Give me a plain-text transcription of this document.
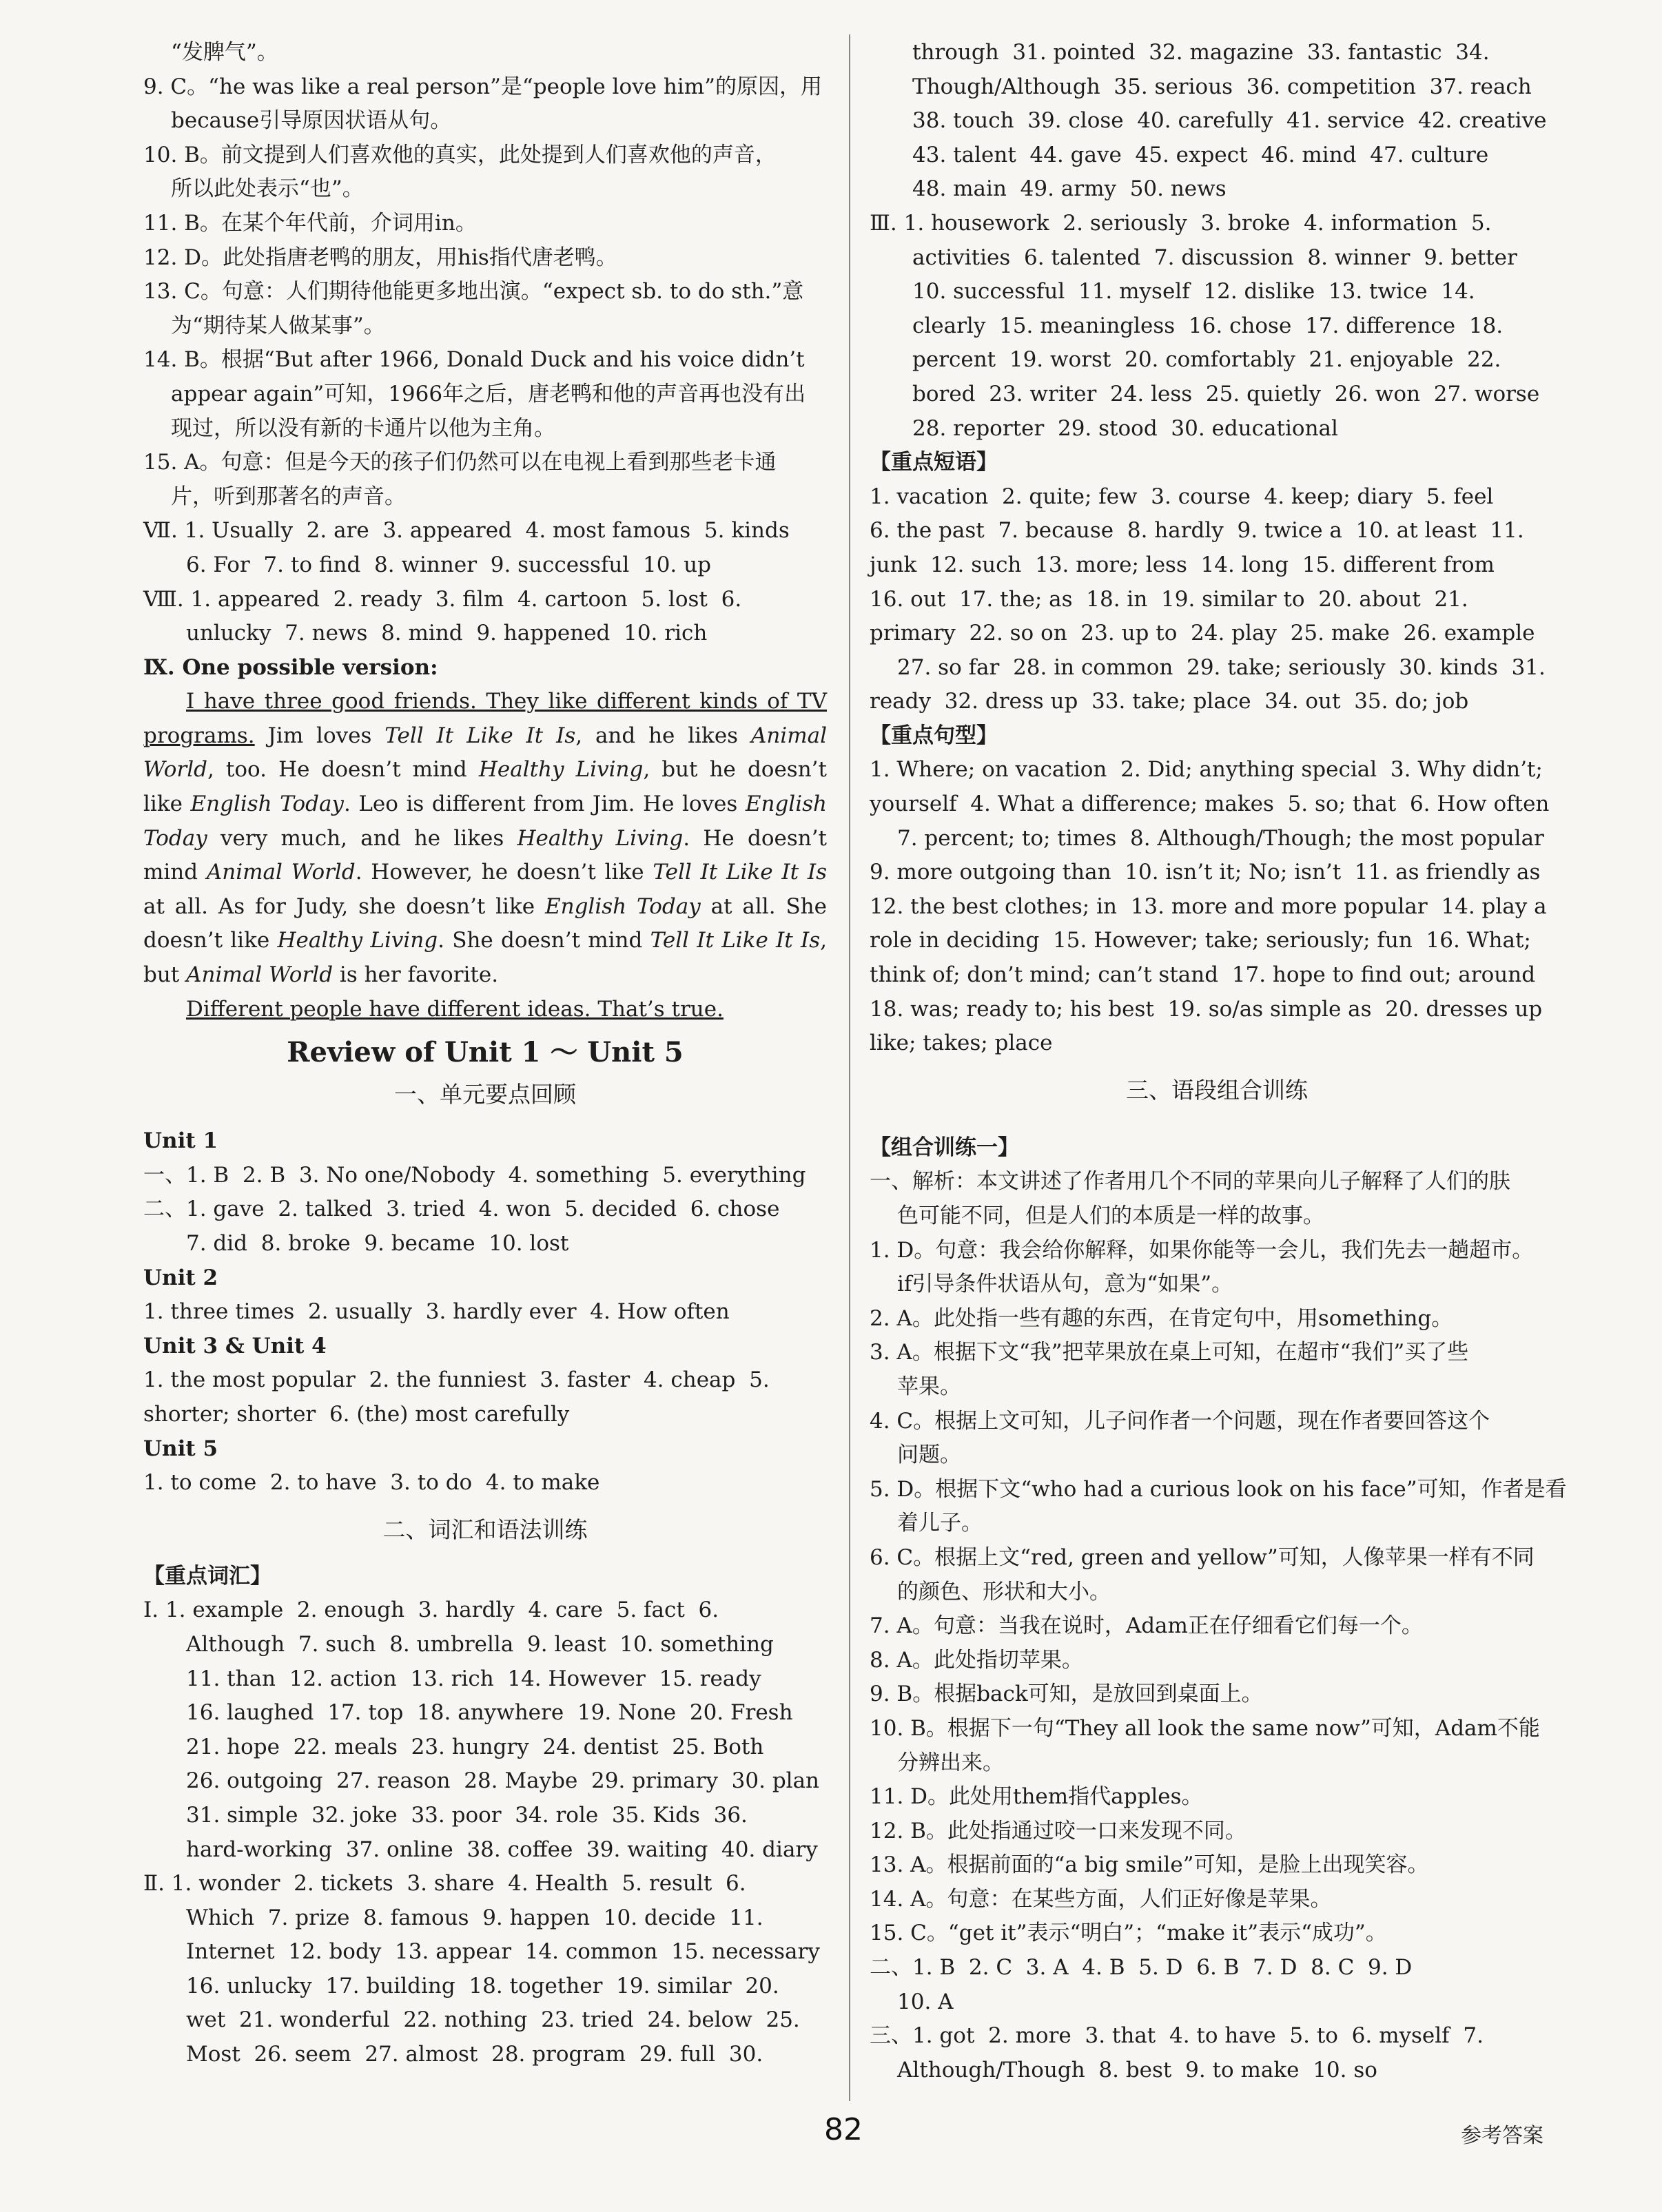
“发脾气”。
9. C。“he was like a real person”是“people love him”的原因，用
because引导原因状语从句。
10. B。前文提到人们喜欢他的真实，此处提到人们喜欢他的声音，
所以此处表示“也”。
11. B。在某个年代前，介词用in。
12. D。此处指唐老鸭的朋友，用his指代唐老鸭。
13. C。句意：人们期待他能更多地出演。“expect sb. to do sth.”意
为“期待某人做某事”。
14. B。根据“But after 1966, Donald Duck and his voice didn’t
appear again”可知，1966年之后，唐老鸭和他的声音再也没有出
现过，所以没有新的卡通片以他为主角。
15. A。句意：但是今天的孩子们仍然可以在电视上看到那些老卡通
片，听到那著名的声音。
Ⅶ. 1. Usually  2. are  3. appeared  4. most famous  5. kinds
6. For  7. to find  8. winner  9. successful  10. up
Ⅷ. 1. appeared  2. ready  3. film  4. cartoon  5. lost  6.
unlucky  7. news  8. mind  9. happened  10. rich
Ⅸ. One possible version:

I have three good friends. They like different kinds of TV programs. Jim loves Tell It Like It Is, and he likes Animal World, too. He doesn’t mind Healthy Living, but he doesn’t like English Today. Leo is different from Jim. He loves English Today very much, and he likes Healthy Living. He doesn’t mind Animal World. However, he doesn’t like Tell It Like It Is at all. As for Judy, she doesn’t like English Today at all. She doesn’t like Healthy Living. She doesn’t mind Tell It Like It Is, but Animal World is her favorite.

Different people have different ideas. That’s true.

Review of Unit 1 ～ Unit 5
一、单元要点回顾
Unit 1
一、1. B  2. B  3. No one/Nobody  4. something  5. everything
二、1. gave  2. talked  3. tried  4. won  5. decided  6. chose
7. did  8. broke  9. became  10. lost
Unit 2
1. three times  2. usually  3. hardly ever  4. How often
Unit 3 & Unit 4
1. the most popular  2. the funniest  3. faster  4. cheap  5.
shorter; shorter  6. (the) most carefully
Unit 5
1. to come  2. to have  3. to do  4. to make
二、词汇和语法训练
【重点词汇】
Ⅰ. 1. example  2. enough  3. hardly  4. care  5. fact  6.
Although  7. such  8. umbrella  9. least  10. something
11. than  12. action  13. rich  14. However  15. ready
16. laughed  17. top  18. anywhere  19. None  20. Fresh
21. hope  22. meals  23. hungry  24. dentist  25. Both
26. outgoing  27. reason  28. Maybe  29. primary  30. plan
31. simple  32. joke  33. poor  34. role  35. Kids  36.
hard-working  37. online  38. coffee  39. waiting  40. diary
Ⅱ. 1. wonder  2. tickets  3. share  4. Health  5. result  6.
Which  7. prize  8. famous  9. happen  10. decide  11.
Internet  12. body  13. appear  14. common  15. necessary
16. unlucky  17. building  18. together  19. similar  20.
wet  21. wonderful  22. nothing  23. tried  24. below  25.
Most  26. seem  27. almost  28. program  29. full  30.
through  31. pointed  32. magazine  33. fantastic  34.
Though/Although  35. serious  36. competition  37. reach
38. touch  39. close  40. carefully  41. service  42. creative
43. talent  44. gave  45. expect  46. mind  47. culture
48. main  49. army  50. news
Ⅲ. 1. housework  2. seriously  3. broke  4. information  5.
activities  6. talented  7. discussion  8. winner  9. better
10. successful  11. myself  12. dislike  13. twice  14.
clearly  15. meaningless  16. chose  17. difference  18.
percent  19. worst  20. comfortably  21. enjoyable  22.
bored  23. writer  24. less  25. quietly  26. won  27. worse
28. reporter  29. stood  30. educational
【重点短语】
1. vacation  2. quite; few  3. course  4. keep; diary  5. feel
6. the past  7. because  8. hardly  9. twice a  10. at least  11.
junk  12. such  13. more; less  14. long  15. different from
16. out  17. the; as  18. in  19. similar to  20. about  21.
primary  22. so on  23. up to  24. play  25. make  26. example
27. so far  28. in common  29. take; seriously  30. kinds  31.
ready  32. dress up  33. take; place  34. out  35. do; job
【重点句型】
1. Where; on vacation  2. Did; anything special  3. Why didn’t;
yourself  4. What a difference; makes  5. so; that  6. How often
7. percent; to; times  8. Although/Though; the most popular
9. more outgoing than  10. isn’t it; No; isn’t  11. as friendly as
12. the best clothes; in  13. more and more popular  14. play a
role in deciding  15. However; take; seriously; fun  16. What;
think of; don’t mind; can’t stand  17. hope to find out; around
18. was; ready to; his best  19. so/as simple as  20. dresses up
like; takes; place
三、语段组合训练
【组合训练一】
一、解析：本文讲述了作者用几个不同的苹果向儿子解释了人们的肤
色可能不同，但是人们的本质是一样的故事。
1. D。句意：我会给你解释，如果你能等一会儿，我们先去一趟超市。
if引导条件状语从句，意为“如果”。
2. A。此处指一些有趣的东西，在肯定句中，用something。
3. A。根据下文“我”把苹果放在桌上可知，在超市“我们”买了些
苹果。
4. C。根据上文可知，儿子问作者一个问题，现在作者要回答这个
问题。
5. D。根据下文“who had a curious look on his face”可知，作者是看
着儿子。
6. C。根据上文“red, green and yellow”可知，人像苹果一样有不同
的颜色、形状和大小。
7. A。句意：当我在说时，Adam正在仔细看它们每一个。
8. A。此处指切苹果。
9. B。根据back可知，是放回到桌面上。
10. B。根据下一句“They all look the same now”可知，Adam不能
分辨出来。
11. D。此处用them指代apples。
12. B。此处指通过咬一口来发现不同。
13. A。根据前面的“a big smile”可知，是脸上出现笑容。
14. A。句意：在某些方面，人们正好像是苹果。
15. C。“get it”表示“明白”；“make it”表示“成功”。
二、1. B  2. C  3. A  4. B  5. D  6. B  7. D  8. C  9. D
10. A
三、1. got  2. more  3. that  4. to have  5. to  6. myself  7.
Although/Though  8. best  9. to make  10. so
82	参考答案
